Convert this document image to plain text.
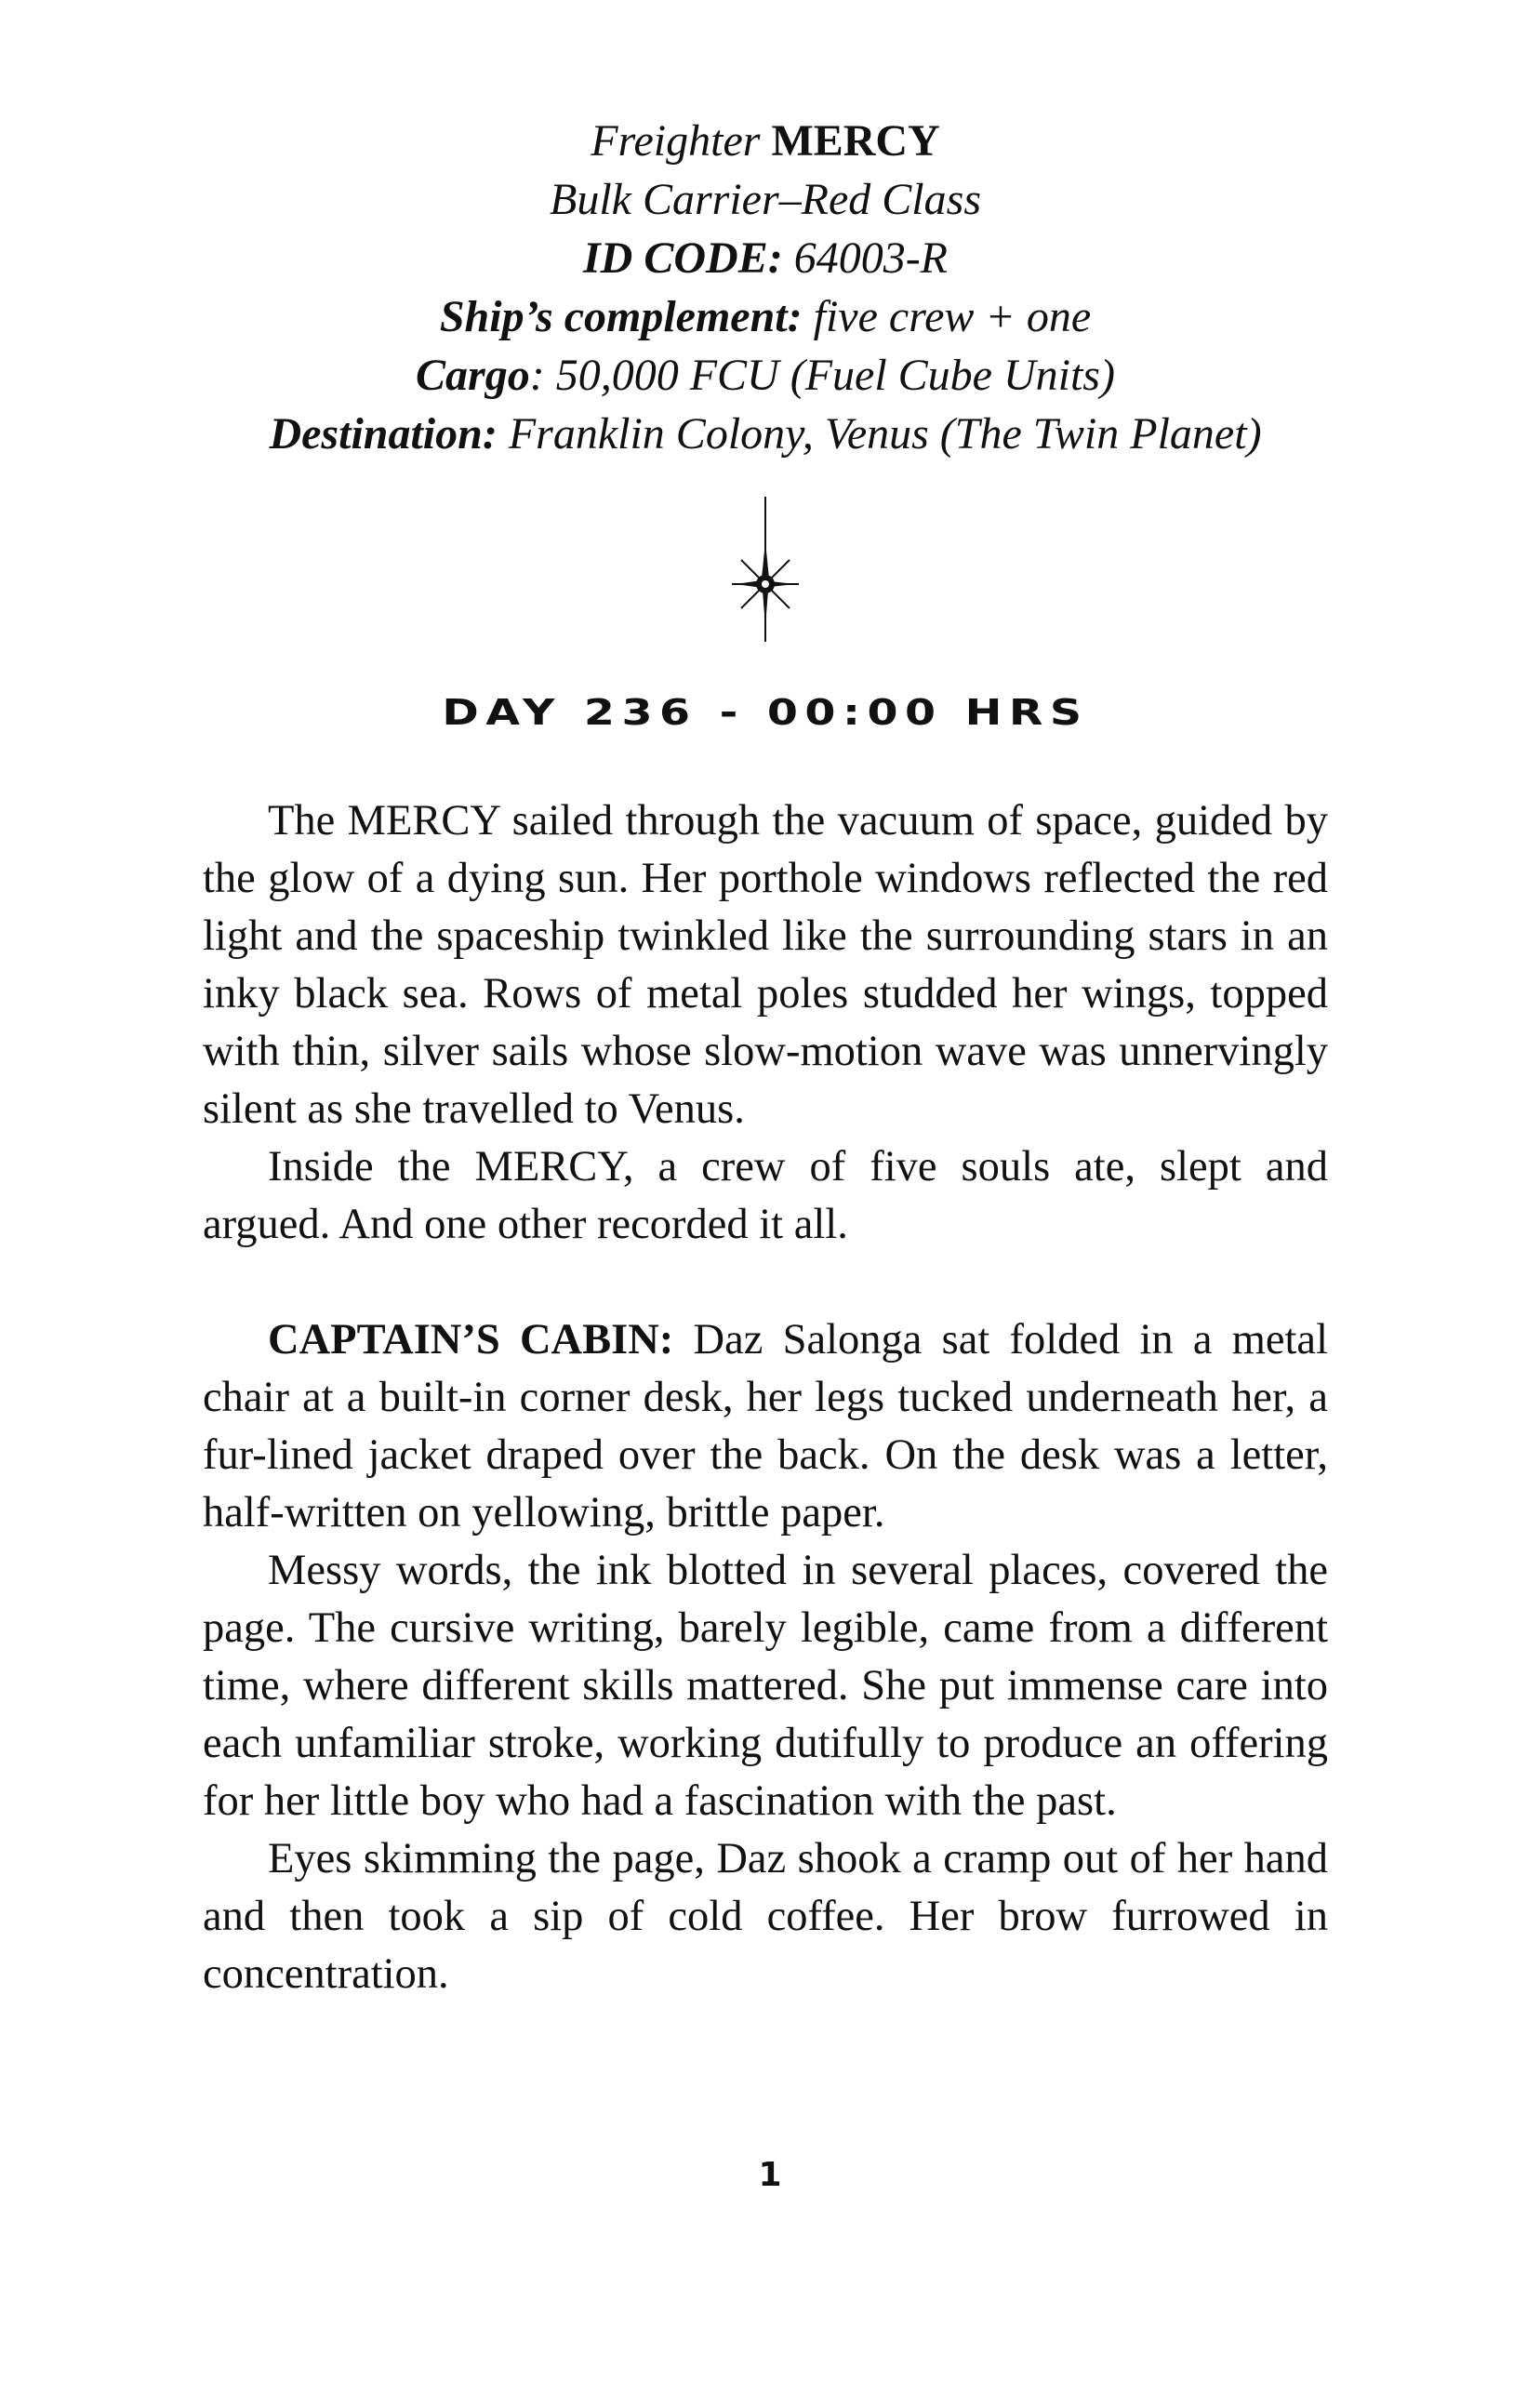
Freighter MERCY
Bulk Carrier–Red Class
ID CODE: 64003-R
Ship’s complement: five crew + one
Cargo: 50,000 FCU (Fuel Cube Units)
Destination: Franklin Colony, Venus (The Twin Planet)
DAY 236 - 00:00 HRS

The MERCY sailed through the vacuum of space, guided by the glow of a dying sun. Her porthole windows reflected the red light and the spaceship twinkled like the surrounding stars in an inky black sea. Rows of metal poles studded her wings, topped with thin, silver sails whose slow-motion wave was unnervingly silent as she travelled to Venus.

Inside the MERCY, a crew of five souls ate, slept and argued. And one other recorded it all.

CAPTAIN’S CABIN: Daz Salonga sat folded in a metal chair at a built-in corner desk, her legs tucked underneath her, a fur-lined jacket draped over the back. On the desk was a letter, half-written on yellowing, brittle paper.

Messy words, the ink blotted in several places, covered the page. The cursive writing, barely legible, came from a different time, where different skills mattered. She put immense care into each unfamiliar stroke, working dutifully to produce an offering for her little boy who had a fascination with the past.

Eyes skimming the page, Daz shook a cramp out of her hand and then took a sip of cold coffee. Her brow furrowed in concentration.

1
